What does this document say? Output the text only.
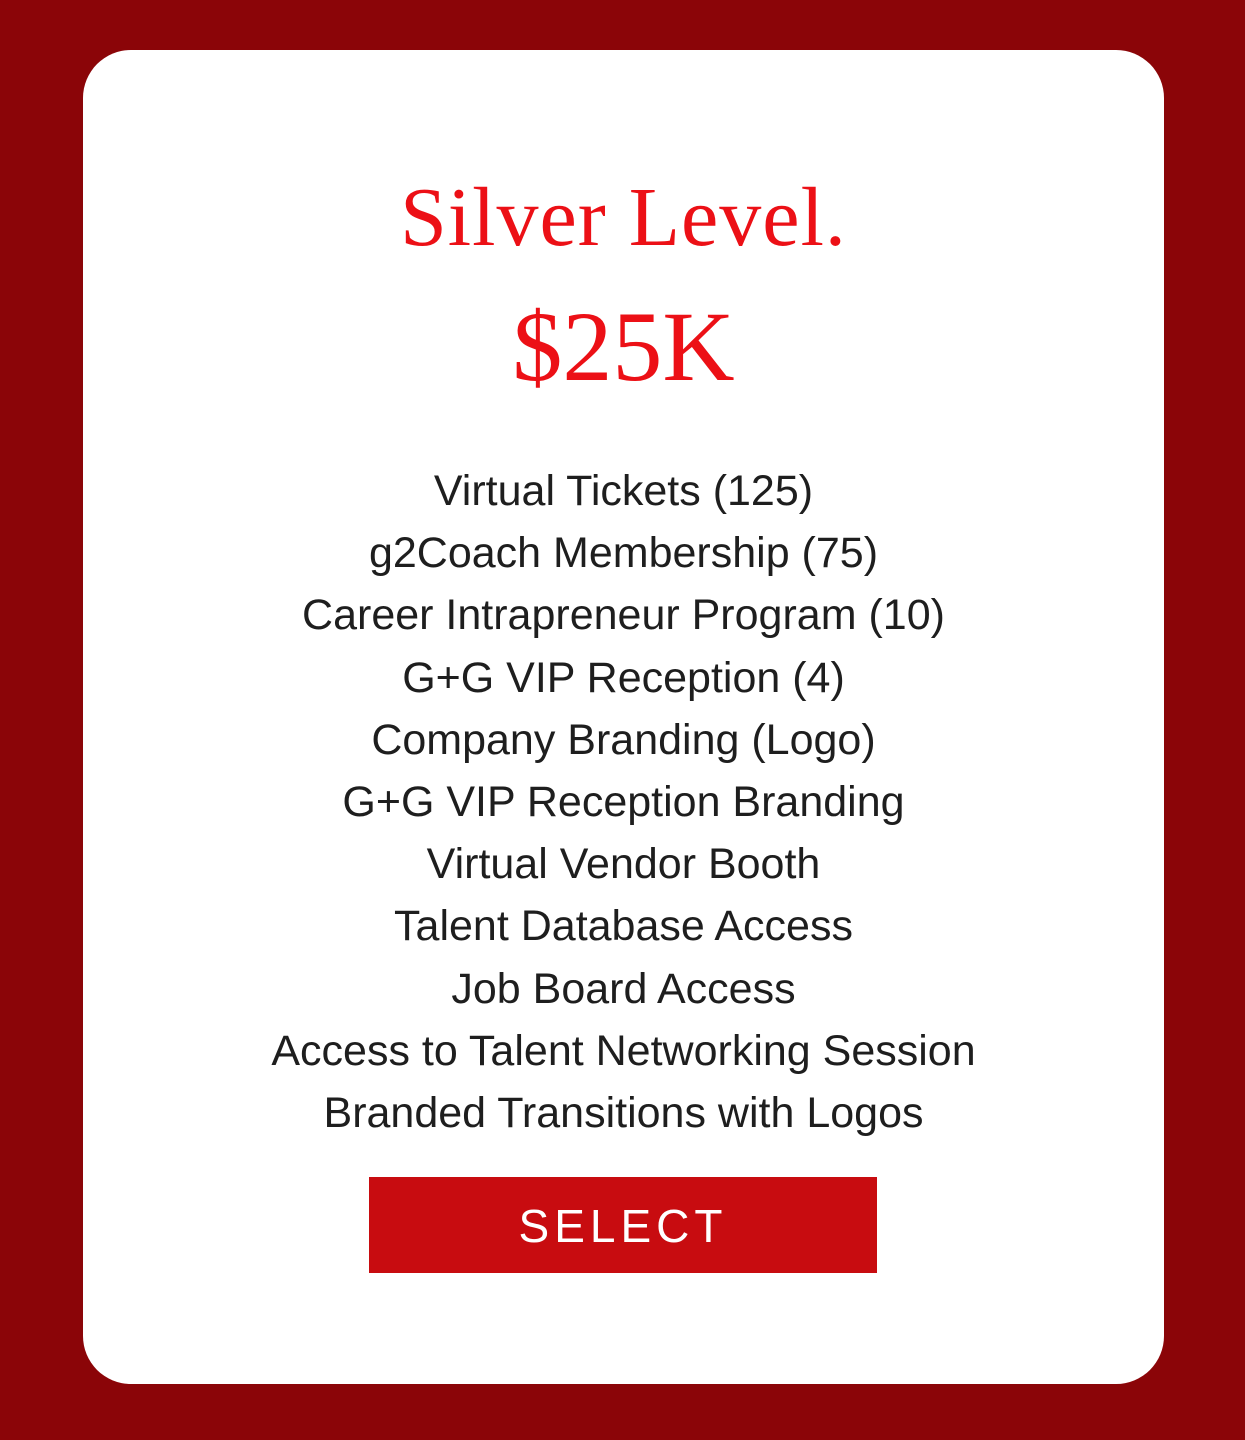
Silver Level.
$25K
Virtual Tickets (125)
g2Coach Membership (75)
Career Intrapreneur Program (10)
G+G VIP Reception (4)
Company Branding (Logo)
G+G VIP Reception Branding
Virtual Vendor Booth
Talent Database Access
Job Board Access
Access to Talent Networking Session
Branded Transitions with Logos
SELECT
